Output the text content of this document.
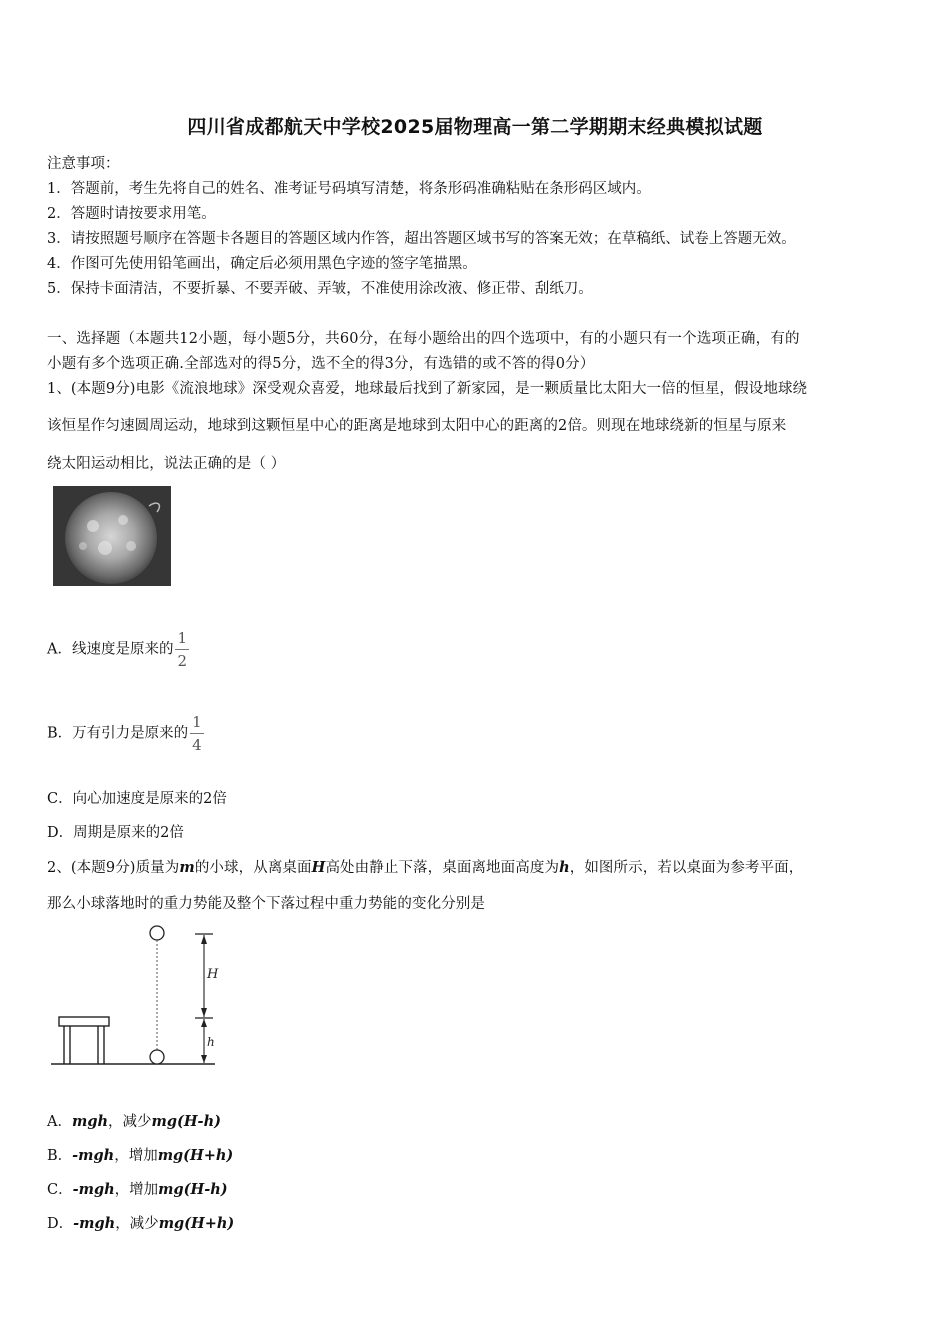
四川省成都航天中学校2025届物理高一第二学期期末经典模拟试题
注意事项：
1．答题前，考生先将自己的姓名、准考证号码填写清楚，将条形码准确粘贴在条形码区域内。
2．答题时请按要求用笔。
3．请按照题号顺序在答题卡各题目的答题区域内作答，超出答题区域书写的答案无效；在草稿纸、试卷上答题无效。
4．作图可先使用铅笔画出，确定后必须用黑色字迹的签字笔描黑。
5．保持卡面清洁，不要折暴、不要弄破、弄皱，不准使用涂改液、修正带、刮纸刀。
一、选择题（本题共12小题，每小题5分，共60分，在每小题给出的四个选项中，有的小题只有一个选项正确，有的
小题有多个选项正确.全部选对的得5分，选不全的得3分，有选错的或不答的得0分）
1、(本题9分)电影《流浪地球》深受观众喜爱，地球最后找到了新家园，是一颗质量比太阳大一倍的恒星，假设地球绕
该恒星作匀速圆周运动，地球到这颗恒星中心的距离是地球到太阳中心的距离的2倍。则现在地球绕新的恒星与原来
绕太阳运动相比，说法正确的是（ ）
A．线速度是原来的 $\frac{1}{2}$
B．万有引力是原来的 $\frac{1}{4}$
C．向心加速度是原来的2倍
D．周期是原来的2倍
2、(本题9分)质量为m的小球，从离桌面H高处由静止下落，桌面离地面高度为h，如图所示，若以桌面为参考平面，
那么小球落地时的重力势能及整个下落过程中重力势能的变化分别是
H
h
A．mgh，减少mg(H-h)
B．-mgh，增加mg(H+h)
C．-mgh，增加mg(H-h)
D．-mgh，减少mg(H+h)
